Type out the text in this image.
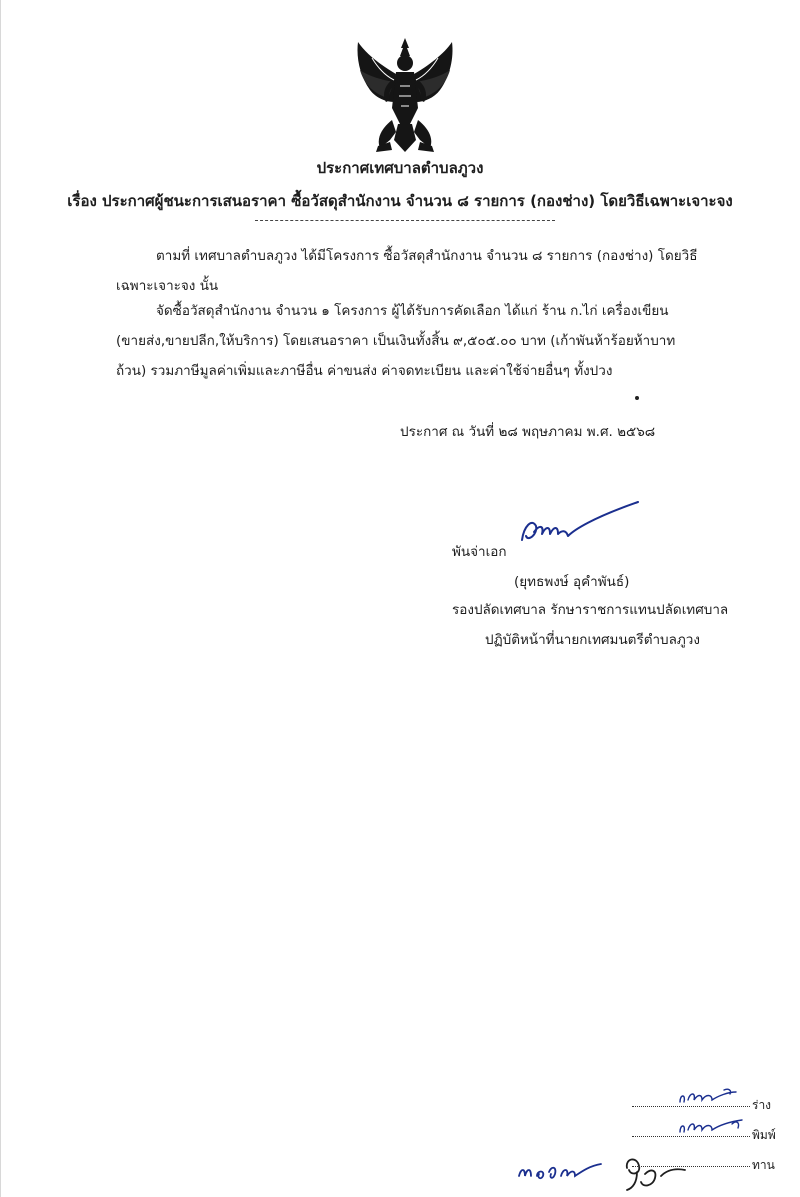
ประกาศเทศบาลตำบลภูวง
เรื่อง ประกาศผู้ชนะการเสนอราคา ซื้อวัสดุสำนักงาน จำนวน ๘ รายการ (กองช่าง) โดยวิธีเฉพาะเจาะจง
ตามที่ เทศบาลตำบลภูวง ได้มีโครงการ ซื้อวัสดุสำนักงาน จำนวน ๘ รายการ (กองช่าง) โดยวิธีเฉพาะเจาะจง นั้น
จัดซื้อวัสดุสำนักงาน จำนวน ๑ โครงการ ผู้ได้รับการคัดเลือก ได้แก่ ร้าน ก.ไก่ เครื่องเขียน (ขายส่ง,ขายปลีก,ให้บริการ) โดยเสนอราคา เป็นเงินทั้งสิ้น ๙,๕๐๕.๐๐ บาท (เก้าพันห้าร้อยห้าบาทถ้วน) รวมภาษีมูลค่าเพิ่มและภาษีอื่น ค่าขนส่ง ค่าจดทะเบียน และค่าใช้จ่ายอื่นๆ ทั้งปวง
ประกาศ ณ วันที่ ๒๘ พฤษภาคม พ.ศ. ๒๕๖๘
พันจ่าเอก
(ยุทธพงษ์ อุคำพันธ์)
รองปลัดเทศบาล รักษาราชการแทนปลัดเทศบาล
ปฏิบัติหน้าที่นายกเทศมนตรีตำบลภูวง
ร่าง
พิมพ์
ทาน
